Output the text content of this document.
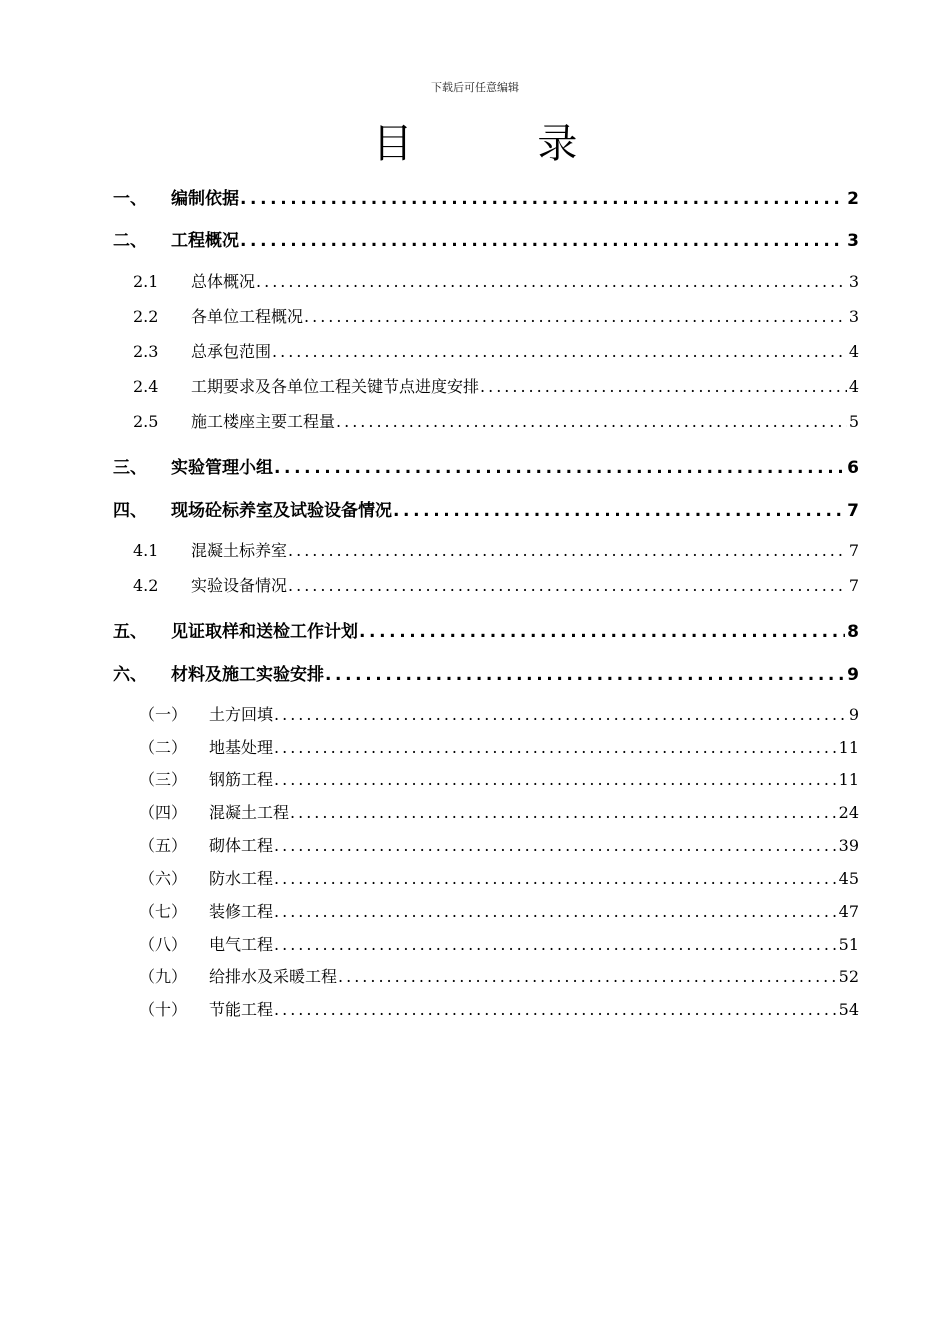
下载后可任意编辑
目 录
一、	编制依据 .....	2
二、	工程概况 .....	3
2.1	总体概况 .....	3
2.2	各单位工程概况 .....	3
2.3	总承包范围 .....	4
2.4	工期要求及各单位工程关键节点进度安排 .....	4
2.5	施工楼座主要工程量 .....	5
三、	实验管理小组 .....	6
四、	现场砼标养室及试验设备情况 .....	7
4.1	混凝土标养室 .....	7
4.2	实验设备情况 .....	7
五、	见证取样和送检工作计划 .....	8
六、	材料及施工实验安排 .....	9
（一）	土方回填 .....	9
（二）	地基处理 .....	11
（三）	钢筋工程 .....	11
（四）	混凝土工程 .....	24
（五）	砌体工程 .....	39
（六）	防水工程 .....	45
（七）	装修工程 .....	47
（八）	电气工程 .....	51
（九）	给排水及采暖工程 .....	52
（十）	节能工程 .....	54
